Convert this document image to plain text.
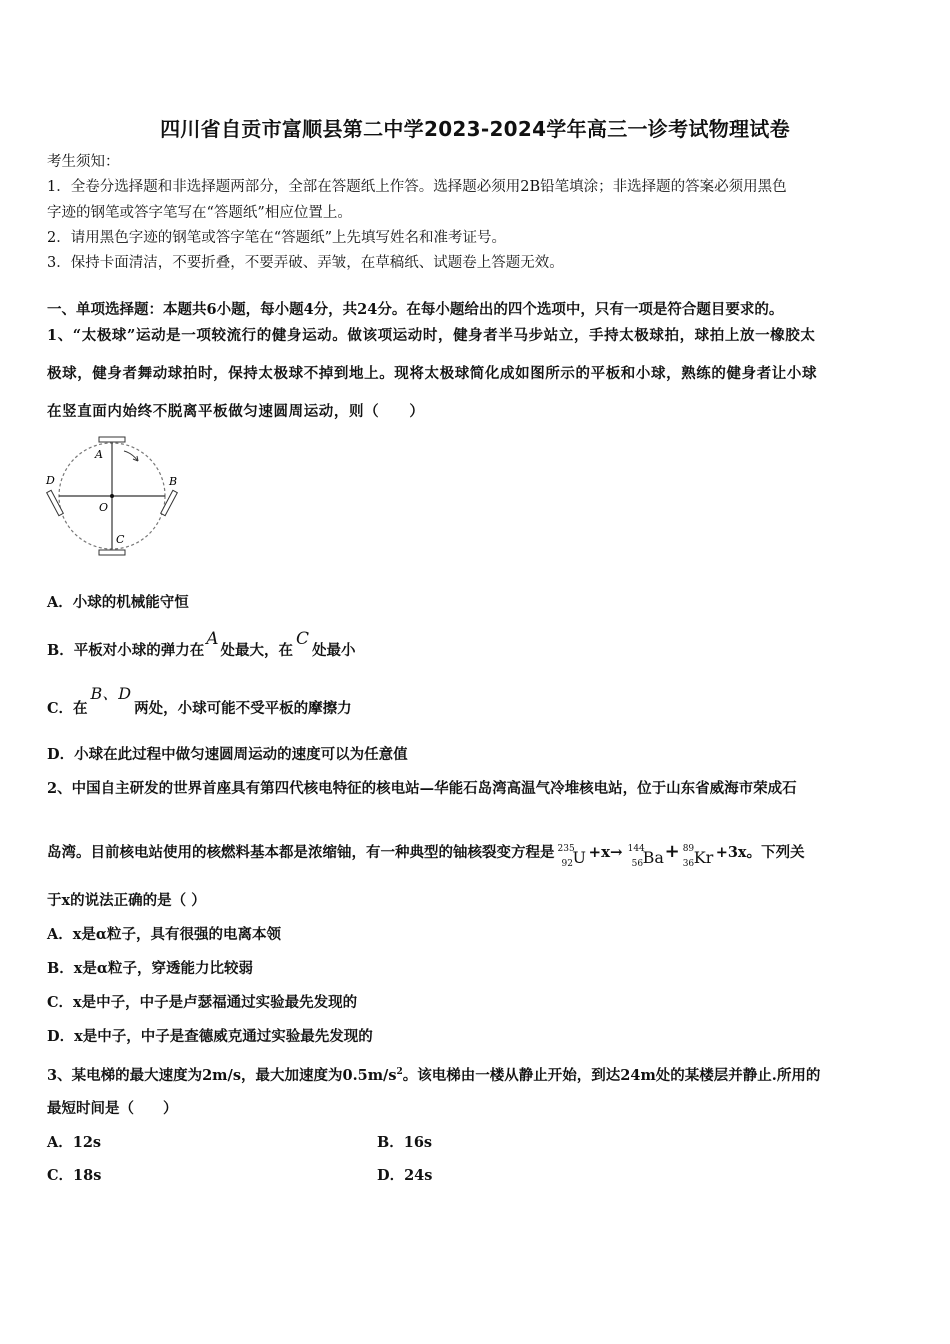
四川省自贡市富顺县第二中学2023-2024学年高三一诊考试物理试卷
考生须知：
1．全卷分选择题和非选择题两部分，全部在答题纸上作答。选择题必须用2B铅笔填涂；非选择题的答案必须用黑色
字迹的钢笔或答字笔写在“答题纸”相应位置上。
2．请用黑色字迹的钢笔或答字笔在“答题纸”上先填写姓名和准考证号。
3．保持卡面清洁，不要折叠，不要弄破、弄皱，在草稿纸、试题卷上答题无效。
一、单项选择题：本题共6小题，每小题4分，共24分。在每小题给出的四个选项中，只有一项是符合题目要求的。
1、“太极球”运动是一项较流行的健身运动。做该项运动时，健身者半马步站立，手持太极球拍，球拍上放一橡胶太
极球，健身者舞动球拍时，保持太极球不掉到地上。现将太极球简化成如图所示的平板和小球，熟练的健身者让小球
在竖直面内始终不脱离平板做匀速圆周运动，则（　　）
A
B
C
D
O
A．小球的机械能守恒
B．平板对小球的弹力在A处最大，在C处最小
C．在B、D两处，小球可能不受平板的摩擦力
D．小球在此过程中做匀速圆周运动的速度可以为任意值
2、中国自主研发的世界首座具有第四代核电特征的核电站—华能石岛湾高温气冷堆核电站，位于山东省威海市荣成石
岛湾。目前核电站使用的核燃料基本都是浓缩铀，有一种典型的铀核裂变方程是 235
92 U +x→ 144
56 Ba + 89
36 Kr +3x。下列关
于x的说法正确的是（ ）
A．x是α粒子，具有很强的电离本领
B．x是α粒子，穿透能力比较弱
C．x是中子，中子是卢瑟福通过实验最先发现的
D．x是中子，中子是查德威克通过实验最先发现的
3、某电梯的最大速度为2m/s，最大加速度为$0.5m/s^2$。该电梯由一楼从静止开始，到达24m处的某楼层并静止.所用的
最短时间是（　　）
A．12s	B．16s
C．18s	D．24s
